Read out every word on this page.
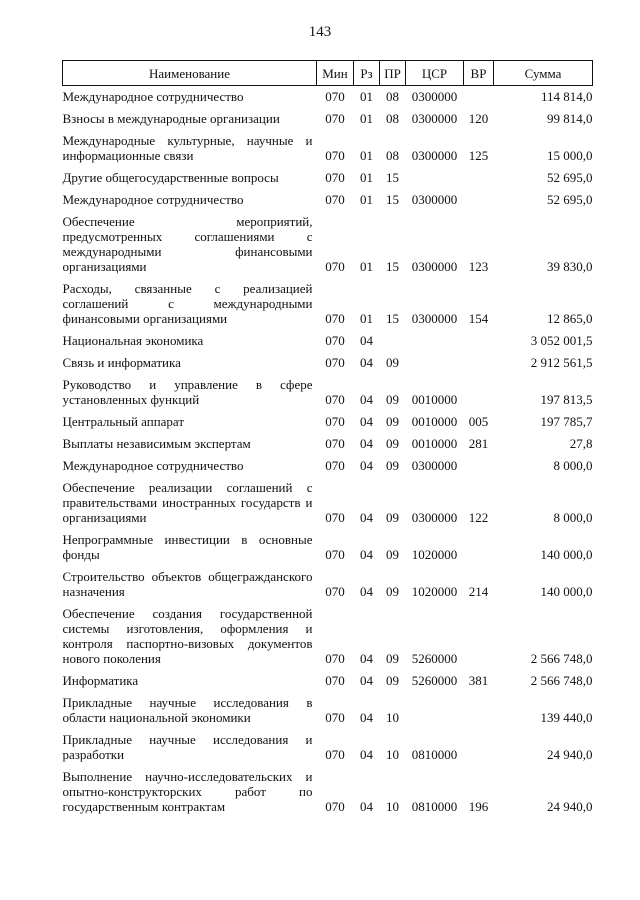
143
Наименование	Мин	Рз	ПР	ЦСР	ВР	Сумма
Международное сотрудничество	070	01	08	0300000		114 814,0
Взносы в международные организации	070	01	08	0300000	120	99 814,0
Международные культурные, научные и информационные связи	070	01	08	0300000	125	15 000,0
Другие общегосударственные вопросы	070	01	15			52 695,0
Международное сотрудничество	070	01	15	0300000		52 695,0
Обеспечение мероприятий, предусмотренных соглашениями с международными финансовыми организациями	070	01	15	0300000	123	39 830,0
Расходы, связанные с реализацией соглашений с международными финансовыми организациями	070	01	15	0300000	154	12 865,0
Национальная экономика	070	04				3 052 001,5
Связь и информатика	070	04	09			2 912 561,5
Руководство и управление в сфере установленных функций	070	04	09	0010000		197 813,5
Центральный аппарат	070	04	09	0010000	005	197 785,7
Выплаты независимым экспертам	070	04	09	0010000	281	27,8
Международное сотрудничество	070	04	09	0300000		8 000,0
Обеспечение реализации соглашений с правительствами иностранных государств и организациями	070	04	09	0300000	122	8 000,0
Непрограммные инвестиции в основные фонды	070	04	09	1020000		140 000,0
Строительство объектов общегражданского назначения	070	04	09	1020000	214	140 000,0
Обеспечение создания государственной системы изготовления, оформления и контроля паспортно-визовых документов нового поколения	070	04	09	5260000		2 566 748,0
Информатика	070	04	09	5260000	381	2 566 748,0
Прикладные научные исследования в области национальной экономики	070	04	10			139 440,0
Прикладные научные исследования и разработки	070	04	10	0810000		24 940,0
Выполнение научно-исследовательских и опытно-конструкторских работ по государственным контрактам	070	04	10	0810000	196	24 940,0
